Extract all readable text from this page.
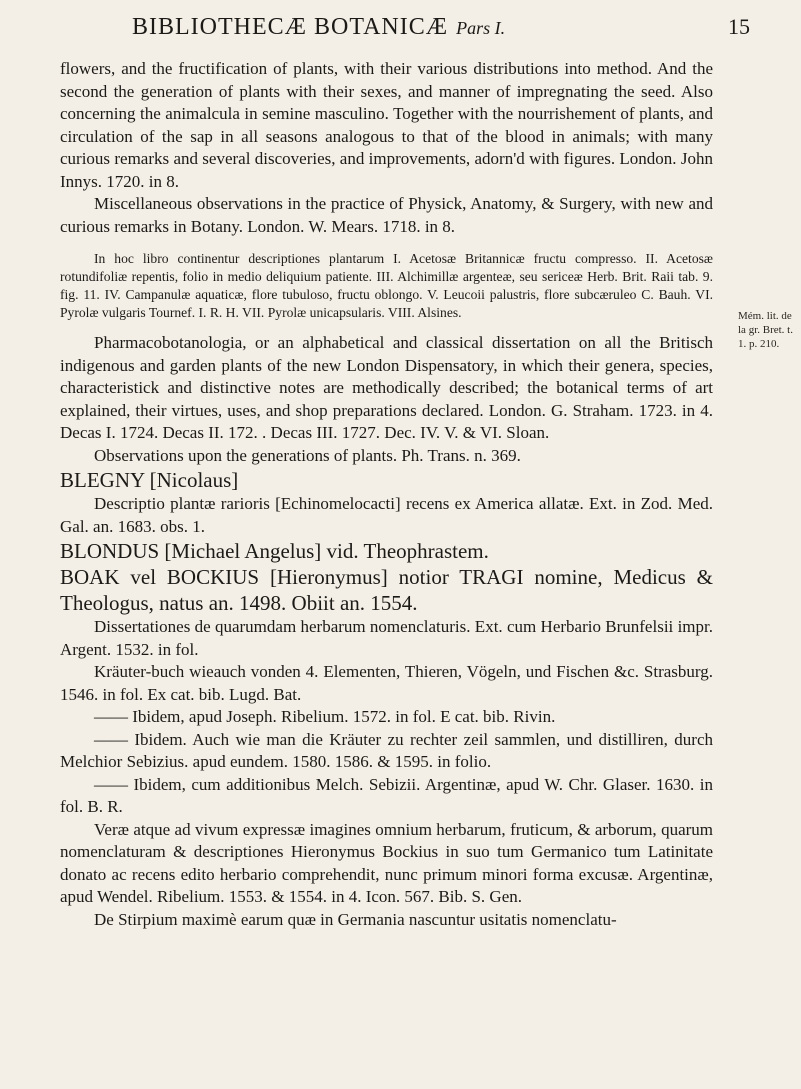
BIBLIOTHECÆ BOTANICÆ Pars I.	15

flowers, and the fructification of plants, with their various distributions into method. And the second the generation of plants with their sexes, and manner of impregnating the seed. Also concerning the animalcula in semine masculino. Together with the nourrishement of plants, and circulation of the sap in all seasons analogous to that of the blood in animals; with many curious remarks and several discoveries, and improvements, adorn'd with figures. London. John Innys. 1720. in 8.

Miscellaneous observations in the practice of Physick, Anatomy, & Surgery, with new and curious remarks in Botany. London. W. Mears. 1718. in 8.

In hoc libro continentur descriptiones plantarum I. Acetosæ Britannicæ fructu compresso. II. Acetosæ rotundifoliæ repentis, folio in medio deliquium patiente. III. Alchimillæ argenteæ, seu sericeæ Herb. Brit. Raii tab. 9. fig. 11. IV. Campanulæ aquaticæ, flore tubuloso, fructu oblongo. V. Leucoii palustris, flore subcæruleo C. Bauh. VI. Pyrolæ vulgaris Tournef. I. R. H. VII. Pyrolæ unicapsularis. VIII. Alsines.

Pharmacobotanologia, or an alphabetical and classical dissertation on all the Britisch indigenous and garden plants of the new London Dispensatory, in which their genera, species, characteristick and distinctive notes are methodically described; the botanical terms of art explained, their virtues, uses, and shop preparations declared. London. G. Straham. 1723. in 4. Decas I. 1724. Decas II. 172. . Decas III. 1727. Dec. IV. V. & VI. Sloan.

Observations upon the generations of plants. Ph. Trans. n. 369.

BLEGNY [Nicolaus]

Descriptio plantæ rarioris [Echinomelocacti] recens ex America allatæ. Ext. in Zod. Med. Gal. an. 1683. obs. 1.

BLONDUS [Michael Angelus] vid. Theophrastem.

BOAK vel BOCKIUS [Hieronymus] notior TRAGI nomine, Medicus & Theologus, natus an. 1498. Obiit an. 1554.

Dissertationes de quarumdam herbarum nomenclaturis. Ext. cum Herbario Brunfelsii impr. Argent. 1532. in fol.

Kräuter-buch wieauch vonden 4. Elementen, Thieren, Vögeln, und Fischen &c. Strasburg. 1546. in fol. Ex cat. bib. Lugd. Bat.

—— Ibidem, apud Joseph. Ribelium. 1572. in fol. E cat. bib. Rivin.

—— Ibidem. Auch wie man die Kräuter zu rechter zeil sammlen, und distilliren, durch Melchior Sebizius. apud eundem. 1580. 1586. & 1595. in folio.

—— Ibidem, cum additionibus Melch. Sebizii. Argentinæ, apud W. Chr. Glaser. 1630. in fol. B. R.

Veræ atque ad vivum expressæ imagines omnium herbarum, fruticum, & arborum, quarum nomenclaturam & descriptiones Hieronymus Bockius in suo tum Germanico tum Latinitate donato ac recens edito herbario comprehendit, nunc primum minori forma excusæ. Argentinæ, apud Wendel. Ribelium. 1553. & 1554. in 4. Icon. 567. Bib. S. Gen.

De Stirpium maximè earum quæ in Germania nascuntur usitatis nomenclatu-

Mém. lit. de la gr. Bret. t. 1. p. 210.
